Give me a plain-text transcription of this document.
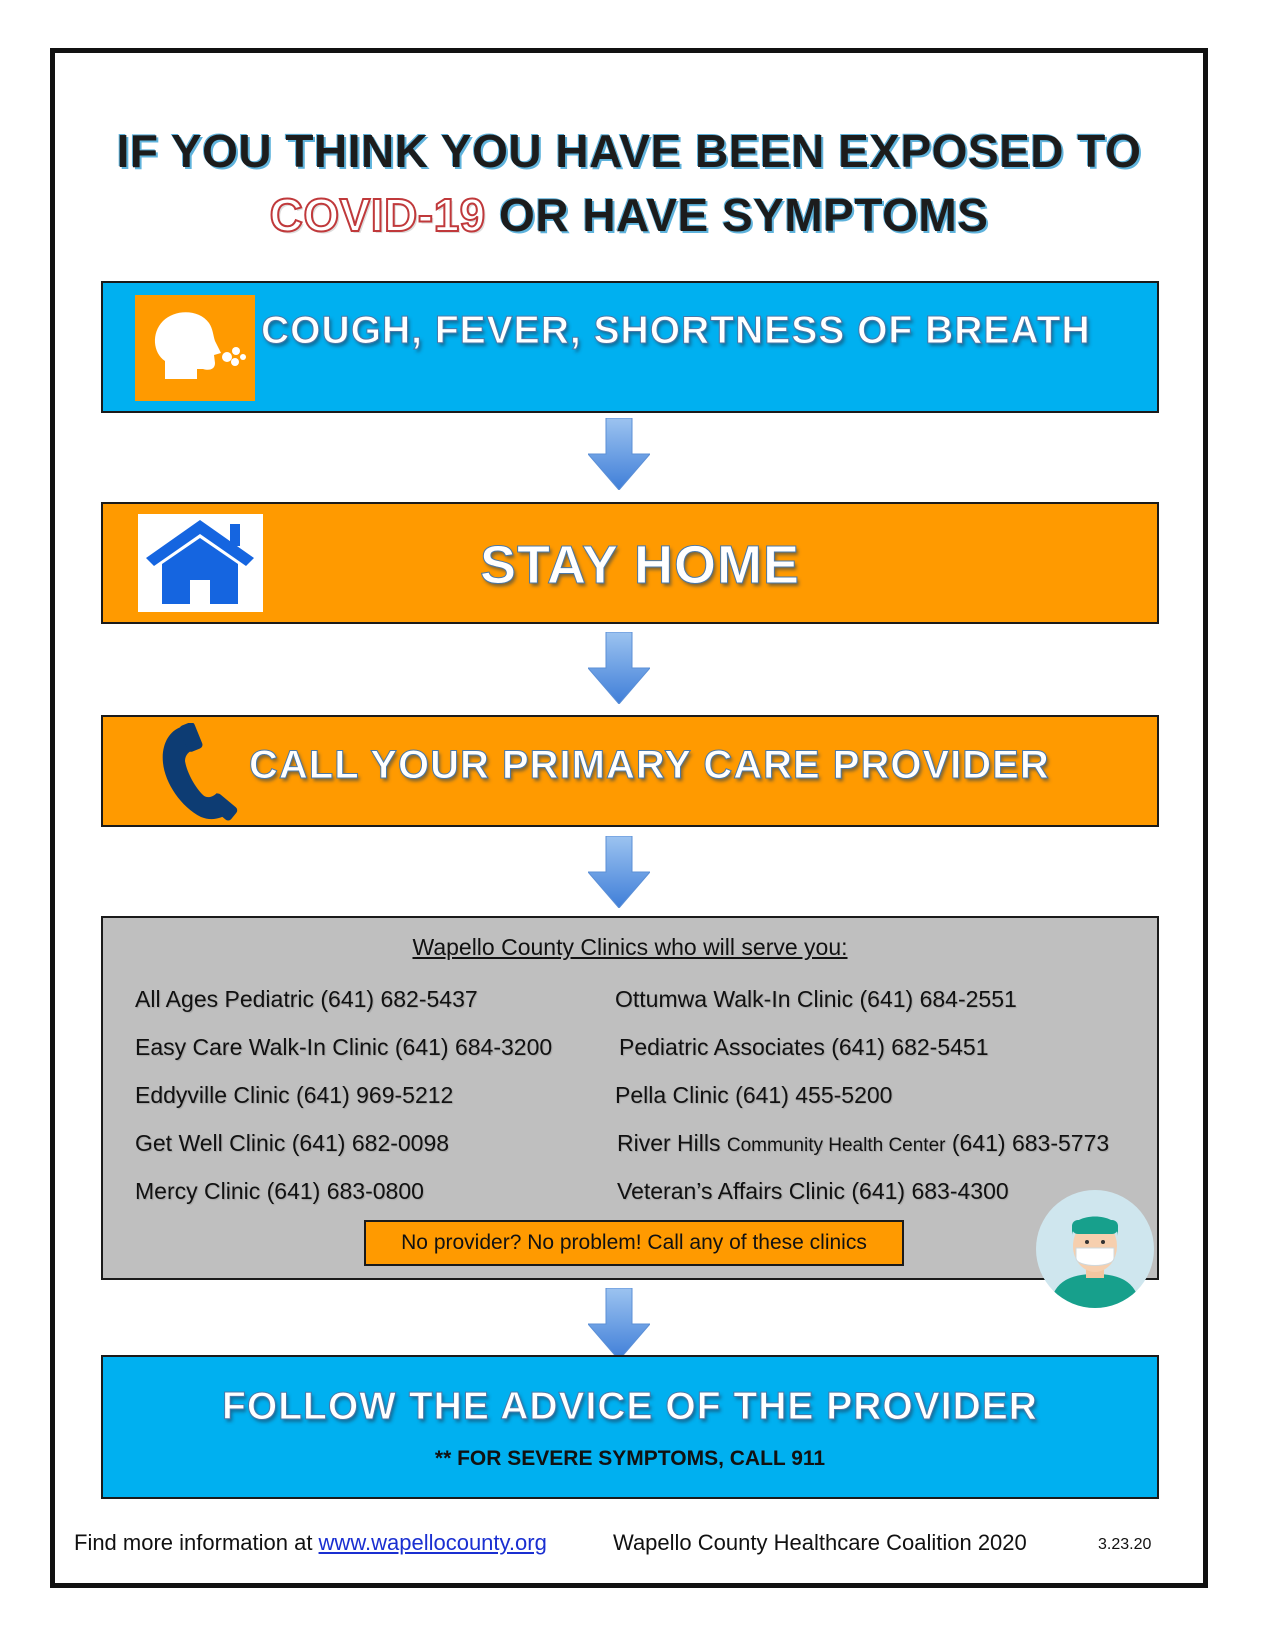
IF YOU THINK YOU HAVE BEEN EXPOSED TO
COVID-19 OR HAVE SYMPTOMS
COUGH, FEVER, SHORTNESS OF BREATH
STAY HOME
CALL YOUR PRIMARY CARE PROVIDER
Wapello County Clinics who will serve you:
All Ages Pediatric (641) 682-5437
Easy Care Walk-In Clinic (641) 684-3200
Eddyville Clinic (641) 969-5212
Get Well Clinic (641) 682-0098
Mercy Clinic (641) 683-0800
Ottumwa Walk-In Clinic (641) 684-2551
Pediatric Associates (641) 682-5451
Pella Clinic (641) 455-5200
River Hills Community Health Center (641) 683-5773
Veteran’s Affairs Clinic (641) 683-4300
No provider? No problem! Call any of these clinics
FOLLOW THE ADVICE OF THE PROVIDER
** FOR SEVERE SYMPTOMS, CALL 911
Find more information at www.wapellocounty.org	Wapello County Healthcare Coalition 2020	3.23.20
